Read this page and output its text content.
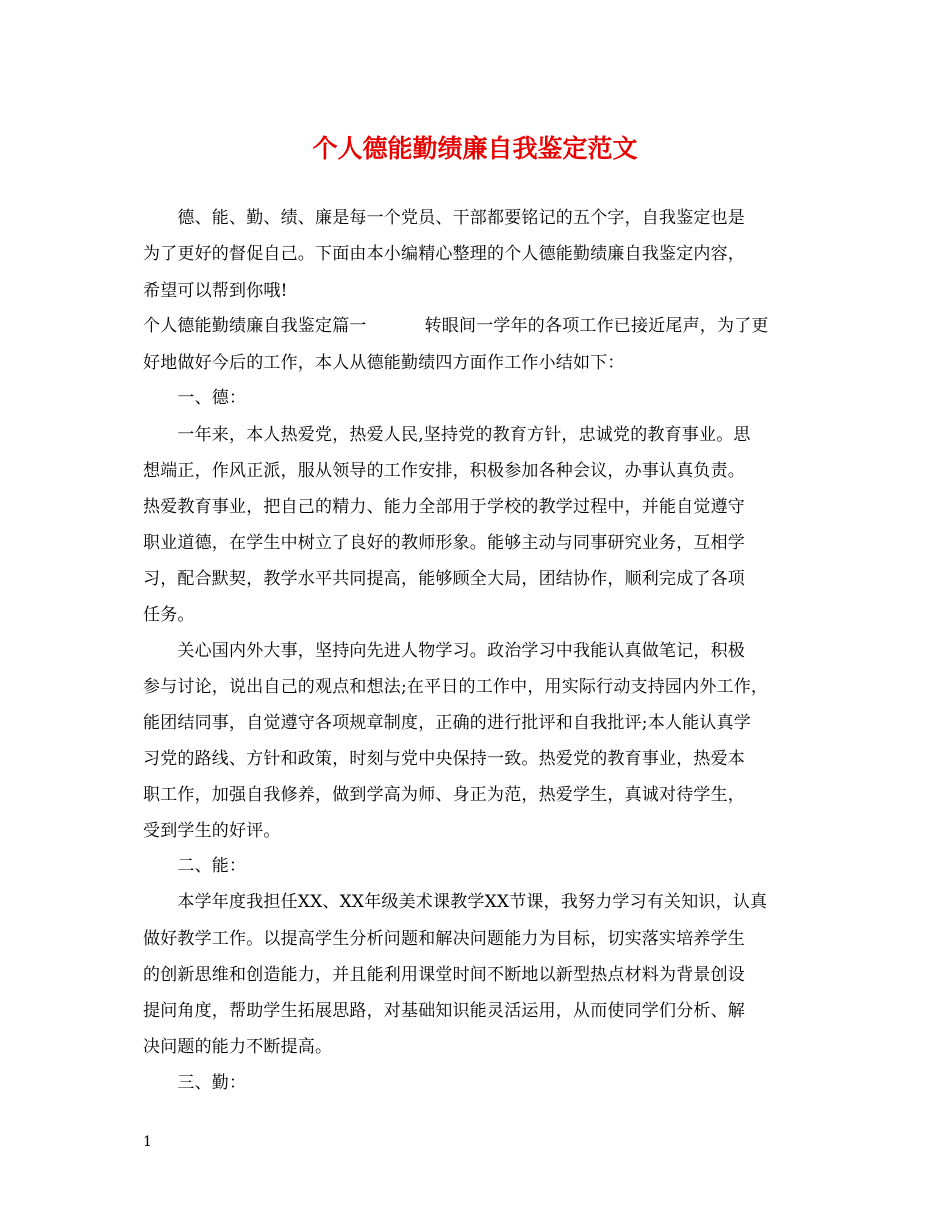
个人德能勤绩廉自我鉴定范文
　　德、能、勤、绩、廉是每一个党员、干部都要铭记的五个字，自我鉴定也是
为了更好的督促自己。下面由本小编精心整理的个人德能勤绩廉自我鉴定内容，
希望可以帮到你哦!
个人德能勤绩廉自我鉴定篇一	转眼间一学年的各项工作已接近尾声，为了更
好地做好今后的工作，本人从德能勤绩四方面作工作小结如下：
　　一、德：
　　一年来，本人热爱党，热爱人民,坚持党的教育方针，忠诚党的教育事业。思
想端正，作风正派，服从领导的工作安排，积极参加各种会议，办事认真负责。
热爱教育事业，把自己的精力、能力全部用于学校的教学过程中，并能自觉遵守
职业道德，在学生中树立了良好的教师形象。能够主动与同事研究业务，互相学
习，配合默契，教学水平共同提高，能够顾全大局，团结协作，顺利完成了各项
任务。
　　关心国内外大事，坚持向先进人物学习。政治学习中我能认真做笔记，积极
参与讨论，说出自己的观点和想法;在平日的工作中，用实际行动支持园内外工作，
能团结同事，自觉遵守各项规章制度，正确的进行批评和自我批评;本人能认真学
习党的路线、方针和政策，时刻与党中央保持一致。热爱党的教育事业，热爱本
职工作，加强自我修养，做到学高为师、身正为范，热爱学生，真诚对待学生，
受到学生的好评。
　　二、能：
　　本学年度我担任XX、XX年级美术课教学XX节课，我努力学习有关知识，认真
做好教学工作。以提高学生分析问题和解决问题能力为目标，切实落实培养学生
的创新思维和创造能力，并且能利用课堂时间不断地以新型热点材料为背景创设
提问角度，帮助学生拓展思路，对基础知识能灵活运用，从而使同学们分析、解
决问题的能力不断提高。
　　三、勤：
1
